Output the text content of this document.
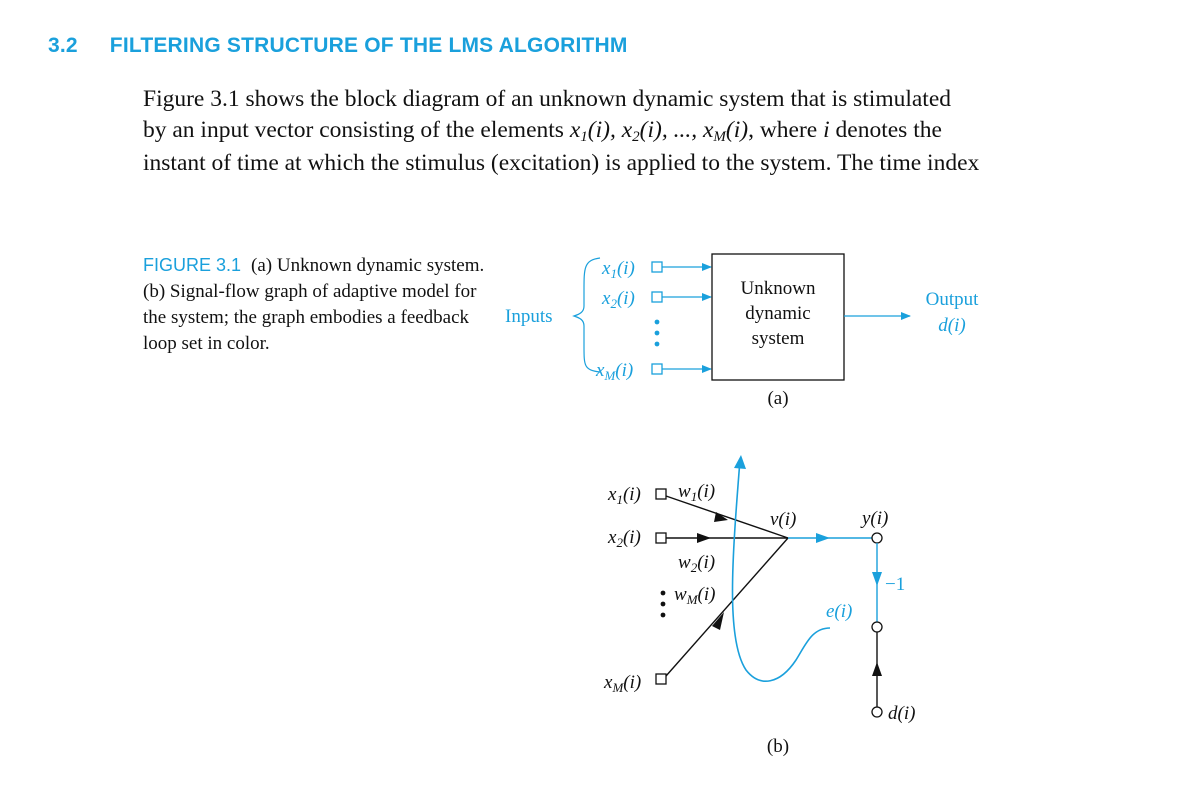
3.2 FILTERING STRUCTURE OF THE LMS ALGORITHM
Figure 3.1 shows the block diagram of an unknown dynamic system that is stimulated
by an input vector consisting of the elements $x_1(i)$, $x_2(i)$, ..., $x_M(i)$, where i denotes the
instant of time at which the stimulus (excitation) is applied to the system. The time index
FIGURE 3.1 (a) Unknown dynamic system. (b) Signal-flow graph of adaptive model for the system; the graph embodies a feedback loop set in color.
Inputs
$x_1(i)$
$x_2(i)$
$x_M(i)$
Unknown
dynamic
system
Output
d(i)
(a)
$x_1(i)$
$x_2(i)$
$x_M(i)$
$w_1(i)$
$w_2(i)$
$w_M(i)$
v(i)	y(i)
−1
e(i)
d(i)
(b)
